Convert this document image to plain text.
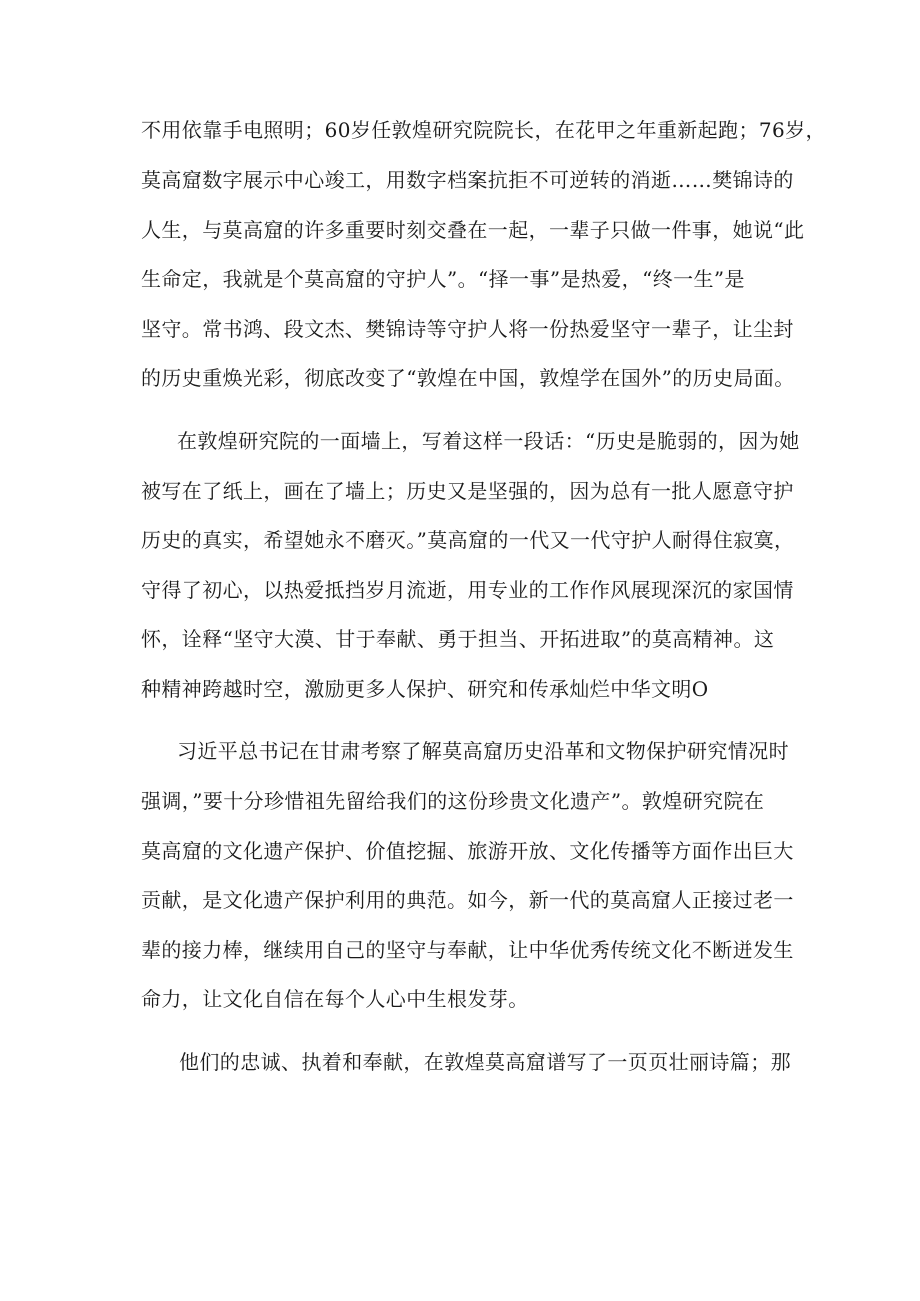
不用依靠手电照明；60岁任敦煌研究院院长，在花甲之年重新起跑；76岁，
莫高窟数字展示中心竣工，用数字档案抗拒不可逆转的消逝……樊锦诗的
人生，与莫高窟的许多重要时刻交叠在一起，一辈子只做一件事，她说“此
生命定，我就是个莫高窟的守护人”。“择一事”是热爱，“终一生”是
坚守。常书鸿、段文杰、樊锦诗等守护人将一份热爱坚守一辈子，让尘封
的历史重焕光彩，彻底改变了“敦煌在中国，敦煌学在国外”的历史局面。
在敦煌研究院的一面墙上，写着这样一段话：“历史是脆弱的，因为她
被写在了纸上，画在了墙上；历史又是坚强的，因为总有一批人愿意守护
历史的真实，希望她永不磨灭。”莫高窟的一代又一代守护人耐得住寂寞，
守得了初心，以热爱抵挡岁月流逝，用专业的工作作风展现深沉的家国情
怀，诠释“坚守大漠、甘于奉献、勇于担当、开拓进取”的莫高精神。这
种精神跨越时空，激励更多人保护、研究和传承灿烂中华文明O
习近平总书记在甘肃考察了解莫高窟历史沿革和文物保护研究情况时
强调，”要十分珍惜祖先留给我们的这份珍贵文化遗产”。敦煌研究院在
莫高窟的文化遗产保护、价值挖掘、旅游开放、文化传播等方面作出巨大
贡献，是文化遗产保护利用的典范。如今，新一代的莫高窟人正接过老一
辈的接力棒，继续用自己的坚守与奉献，让中华优秀传统文化不断迸发生
命力，让文化自信在每个人心中生根发芽。
他们的忠诚、执着和奉献，在敦煌莫高窟谱写了一页页壮丽诗篇；那
